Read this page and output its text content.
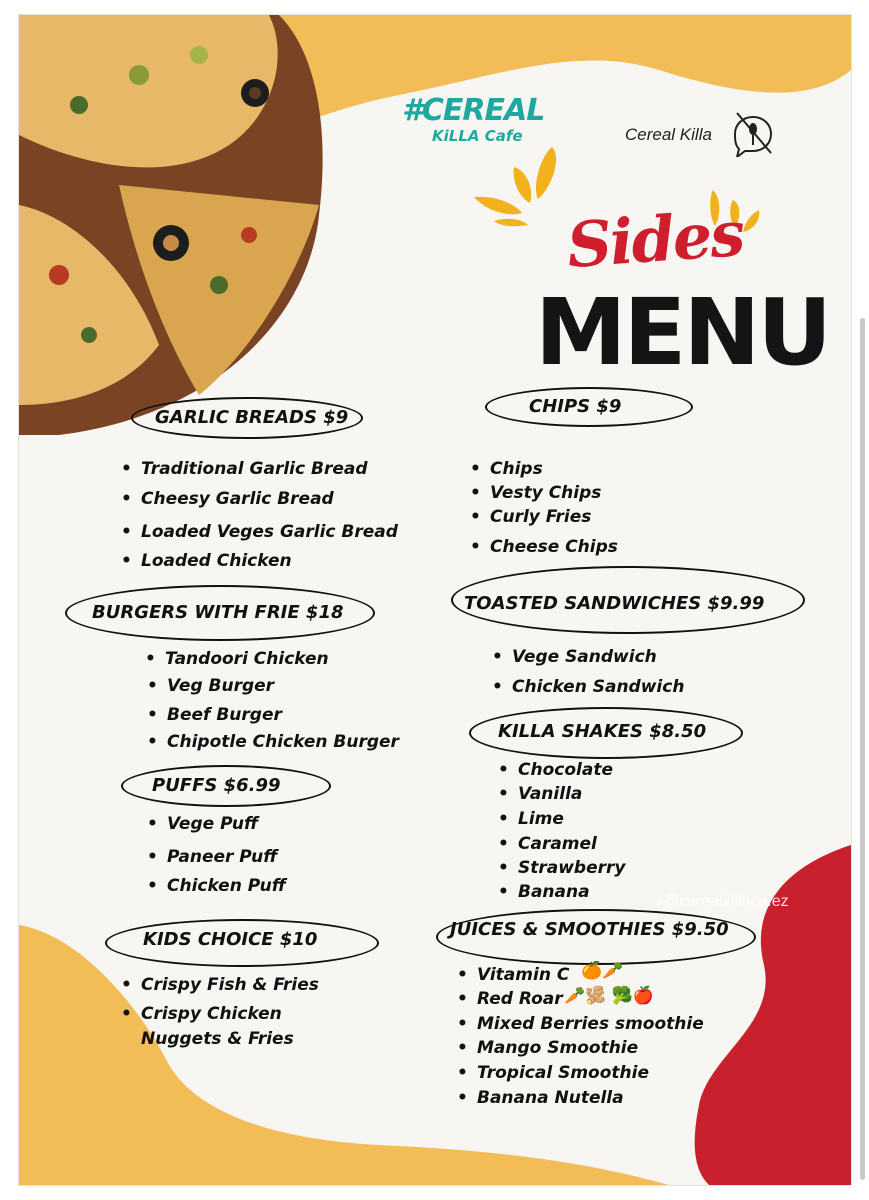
#CEREAL
KiLLA Cafe	Cereal Killa
Sides
MENU
GARLIC BREADS $9
• Traditional Garlic Bread
• Cheesy Garlic Bread
• Loaded Veges Garlic Bread
• Loaded Chicken
CHIPS $9
• Chips
• Vesty Chips
• Curly Fries
• Cheese Chips
BURGERS WITH FRIE $18
• Tandoori Chicken
• Veg Burger
• Beef Burger
• Chipotle Chicken Burger
TOASTED SANDWICHES $9.99
• Vege Sandwich
• Chicken Sandwich
KILLA SHAKES $8.50
• Chocolate
• Vanilla
• Lime
• Caramel
• Strawberry
• Banana
PUFFS $6.99
• Vege Puff
• Paneer Puff
• Chicken Puff
KIDS CHOICE $10
• Crispy Fish & Fries
• Crispy Chicken
Nuggets & Fries
JUICES & SMOOTHIES $9.50
• Vitamin C 🍊🥕
• Red Roar 🥕🫚 🥦🍎
• Mixed Berries smoothie
• Mango Smoothie
• Tropical Smoothie
• Banana Nutella
♪@cerealkillacafez
